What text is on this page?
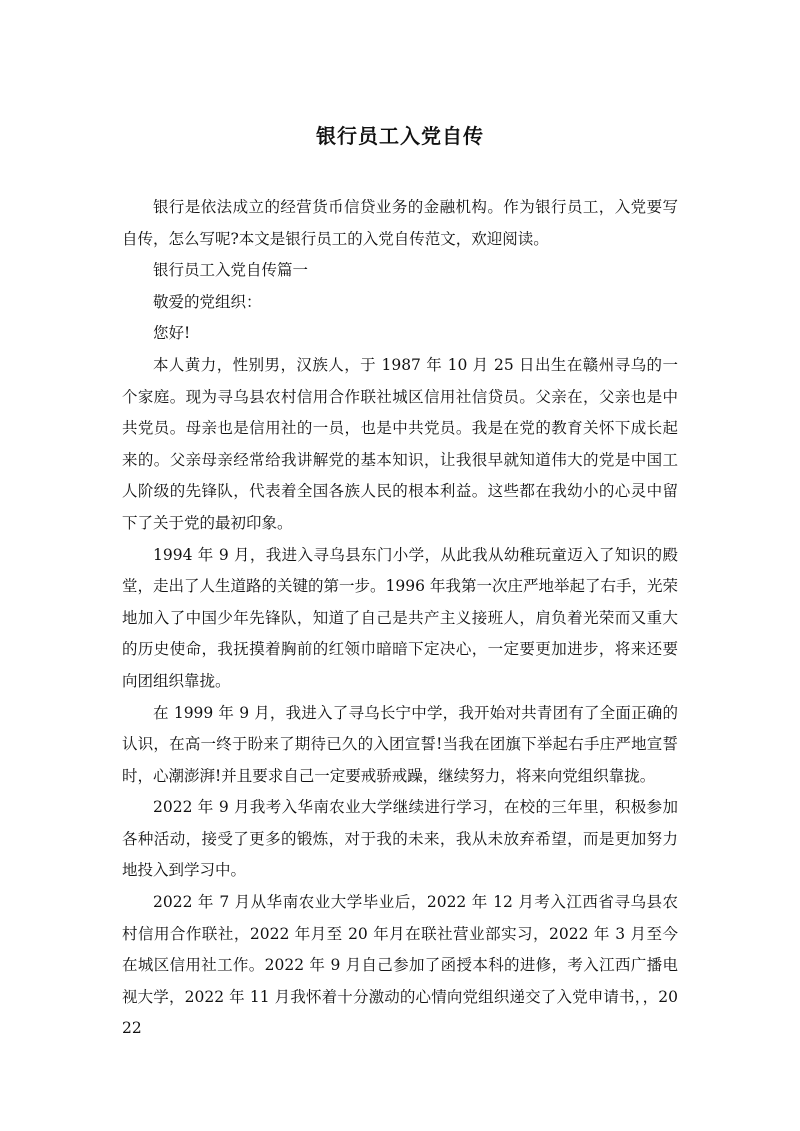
银行员工入党自传

银行是依法成立的经营货币信贷业务的金融机构。作为银行员工，入党要写自传，怎么写呢?本文是银行员工的入党自传范文，欢迎阅读。

银行员工入党自传篇一

敬爱的党组织：

您好!

本人黄力，性别男，汉族人，于 1987 年 10 月 25 日出生在赣州寻乌的一个家庭。现为寻乌县农村信用合作联社城区信用社信贷员。父亲在，父亲也是中共党员。母亲也是信用社的一员，也是中共党员。我是在党的教育关怀下成长起来的。父亲母亲经常给我讲解党的基本知识，让我很早就知道伟大的党是中国工人阶级的先锋队，代表着全国各族人民的根本利益。这些都在我幼小的心灵中留下了关于党的最初印象。

1994 年 9 月，我进入寻乌县东门小学，从此我从幼稚玩童迈入了知识的殿堂，走出了人生道路的关键的第一步。1996 年我第一次庄严地举起了右手，光荣地加入了中国少年先锋队，知道了自己是共产主义接班人，肩负着光荣而又重大的历史使命，我抚摸着胸前的红领巾暗暗下定决心，一定要更加进步，将来还要向团组织靠拢。

在 1999 年 9 月，我进入了寻乌长宁中学，我开始对共青团有了全面正确的认识，在高一终于盼来了期待已久的入团宣誓!当我在团旗下举起右手庄严地宣誓时，心潮澎湃!并且要求自己一定要戒骄戒躁，继续努力，将来向党组织靠拢。

2022 年 9 月我考入华南农业大学继续进行学习，在校的三年里，积极参加各种活动，接受了更多的锻炼，对于我的未来，我从未放弃希望，而是更加努力地投入到学习中。

2022 年 7 月从华南农业大学毕业后，2022 年 12 月考入江西省寻乌县农村信用合作联社，2022 年月至 20 年月在联社营业部实习，2022 年 3 月至今在城区信用社工作。2022 年 9 月自己参加了函授本科的进修，考入江西广播电视大学，2022 年 11 月我怀着十分激动的心情向党组织递交了入党申请书，，2022
